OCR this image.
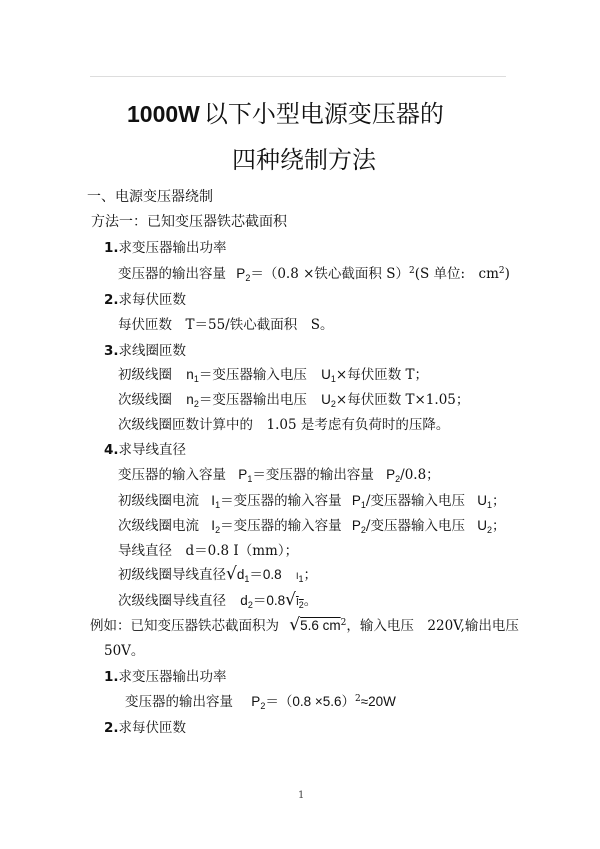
1000W 以下小型电源变压器的
四种绕制方法
一、电源变压器绕制
方法一：已知变压器铁芯截面积
1.求变压器输出功率
变压器的输出容量 $P_2=(0.8$ ×铁心截面积 S）$^2$(S 单位:　$cm^2$)
2.求每伏匝数
每伏匝数　T＝55/铁心截面积　S。
3.求线圈匝数
初级线圈 $n_1=$变压器输入电压 $U_1\times$每伏匝数 T；
次级线圈 $n_2=$变压器输出电压 $U_2\times$每伏匝数 T×1.05；
次级线圈匝数计算中的　1.05 是考虑有负荷时的压降。
4.求导线直径
变压器的输入容量 $P_1=$变压器的输出容量 $P_2/0.8$；
初级线圈电流 $I_1=$变压器的输入容量 $P_1/$变压器输入电压 $U_1$；
次级线圈电流 $I_2=$变压器的输入容量 $P_2/$变压器输入电压 $U_2$；
导线直径　d＝0.8 I（mm）；
初级线圈导线直径$√d_1=0.8$ $I_1$；
次级线圈导线直径 $d_2=0.8√I_2$。
例如：已知变压器铁芯截面积为 √5.6 $cm^2$，输入电压　220V,输出电压
50V。
1.求变压器输出功率
变压器的输出容量 $P_2=(0.8 \times 5.6)^2\approx 20W$
2.求每伏匝数
1
